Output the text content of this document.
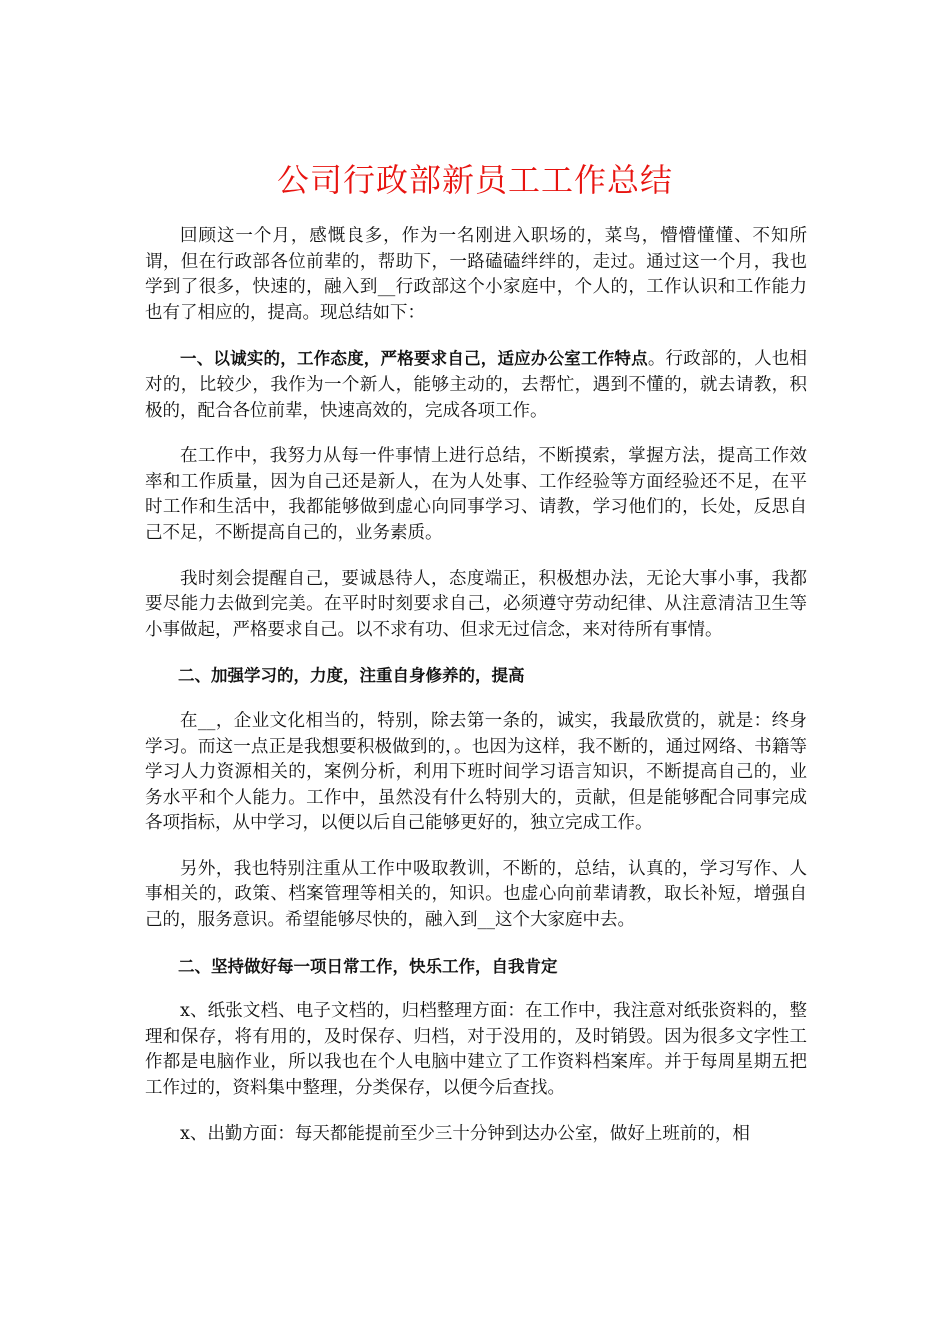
公司行政部新员工工作总结

回顾这一个月，感慨良多，作为一名刚进入职场的，菜鸟，懵懵懂懂、不知所谓，但在行政部各位前辈的，帮助下，一路磕磕绊绊的，走过。通过这一个月，我也学到了很多，快速的，融入到__行政部这个小家庭中，个人的，工作认识和工作能力也有了相应的，提高。现总结如下：

一、以诚实的，工作态度，严格要求自己，适应办公室工作特点。行政部的，人也相对的，比较少，我作为一个新人，能够主动的，去帮忙，遇到不懂的，就去请教，积极的，配合各位前辈，快速高效的，完成各项工作。

在工作中，我努力从每一件事情上进行总结，不断摸索，掌握方法，提高工作效率和工作质量，因为自己还是新人，在为人处事、工作经验等方面经验还不足，在平时工作和生活中，我都能够做到虚心向同事学习、请教，学习他们的，长处，反思自己不足，不断提高自己的，业务素质。

我时刻会提醒自己，要诚恳待人，态度端正，积极想办法，无论大事小事，我都要尽能力去做到完美。在平时时刻要求自己，必须遵守劳动纪律、从注意清洁卫生等小事做起，严格要求自己。以不求有功、但求无过信念，来对待所有事情。

二、加强学习的，力度，注重自身修养的，提高

在__，企业文化相当的，特别，除去第一条的，诚实，我最欣赏的，就是：终身学习。而这一点正是我想要积极做到的，。也因为这样，我不断的，通过网络、书籍等学习人力资源相关的，案例分析，利用下班时间学习语言知识，不断提高自己的，业务水平和个人能力。工作中，虽然没有什么特别大的，贡献，但是能够配合同事完成各项指标，从中学习，以便以后自己能够更好的，独立完成工作。

另外，我也特别注重从工作中吸取教训，不断的，总结，认真的，学习写作、人事相关的，政策、档案管理等相关的，知识。也虚心向前辈请教，取长补短，增强自己的，服务意识。希望能够尽快的，融入到__这个大家庭中去。

二、坚持做好每一项日常工作，快乐工作，自我肯定

x、纸张文档、电子文档的，归档整理方面：在工作中，我注意对纸张资料的，整理和保存，将有用的，及时保存、归档，对于没用的，及时销毁。因为很多文字性工作都是电脑作业，所以我也在个人电脑中建立了工作资料档案库。并于每周星期五把工作过的，资料集中整理，分类保存，以便今后查找。

x、出勤方面：每天都能提前至少三十分钟到达办公室，做好上班前的，相
